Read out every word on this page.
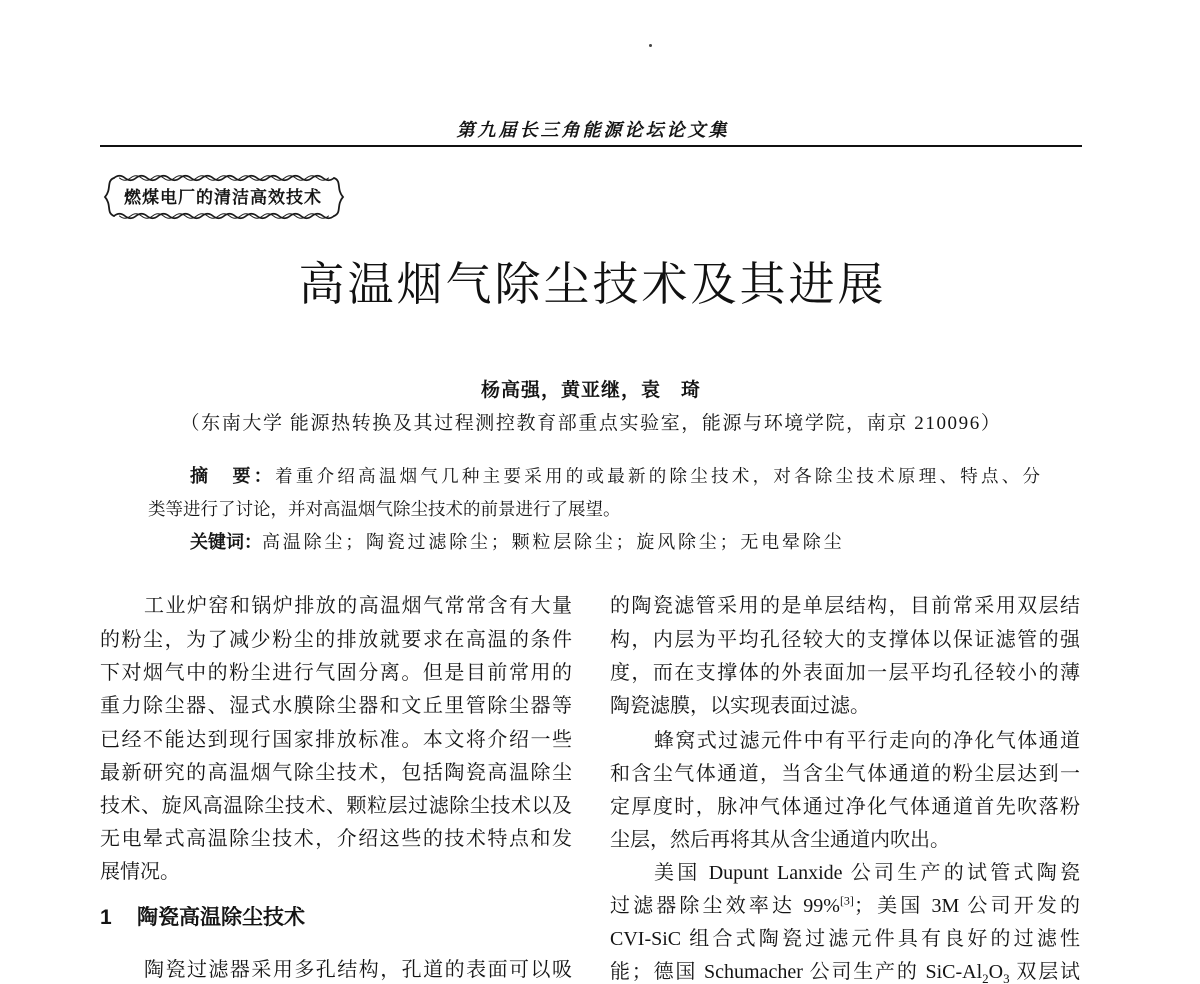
第九届长三角能源论坛论文集
燃煤电厂的清洁高效技术
高温烟气除尘技术及其进展
杨高强，黄亚继，袁　琦
（东南大学 能源热转换及其过程测控教育部重点实验室，能源与环境学院，南京 210096）
摘　要：着重介绍高温烟气几种主要采用的或最新的除尘技术，对各除尘技术原理、特点、分
类等进行了讨论，并对高温烟气除尘技术的前景进行了展望。
关键词：高温除尘；陶瓷过滤除尘；颗粒层除尘；旋风除尘；无电晕除尘
工业炉窑和锅炉排放的高温烟气常常含有大量
的粉尘，为了减少粉尘的排放就要求在高温的条件
下对烟气中的粉尘进行气固分离。但是目前常用的
重力除尘器、湿式水膜除尘器和文丘里管除尘器等
已经不能达到现行国家排放标准。本文将介绍一些
最新研究的高温烟气除尘技术，包括陶瓷高温除尘
技术、旋风高温除尘技术、颗粒层过滤除尘技术以及
无电晕式高温除尘技术，介绍这些的技术特点和发
展情况。
1 陶瓷高温除尘技术
陶瓷过滤器采用多孔结构，孔道的表面可以吸
的陶瓷滤管采用的是单层结构，目前常采用双层结
构，内层为平均孔径较大的支撑体以保证滤管的强
度，而在支撑体的外表面加一层平均孔径较小的薄
陶瓷滤膜，以实现表面过滤。
蜂窝式过滤元件中有平行走向的净化气体通道
和含尘气体通道，当含尘气体通道的粉尘层达到一
定厚度时，脉冲气体通过净化气体通道首先吹落粉
尘层，然后再将其从含尘通道内吹出。
美国 Dupunt Lanxide 公司生产的试管式陶瓷
过滤器除尘效率达 99%[3]；美国 3M 公司开发的
CVI-SiC 组合式陶瓷过滤元件具有良好的过滤性
能；德国 Schumacher 公司生产的 SiC-$Al_2O_3$ 双层试
